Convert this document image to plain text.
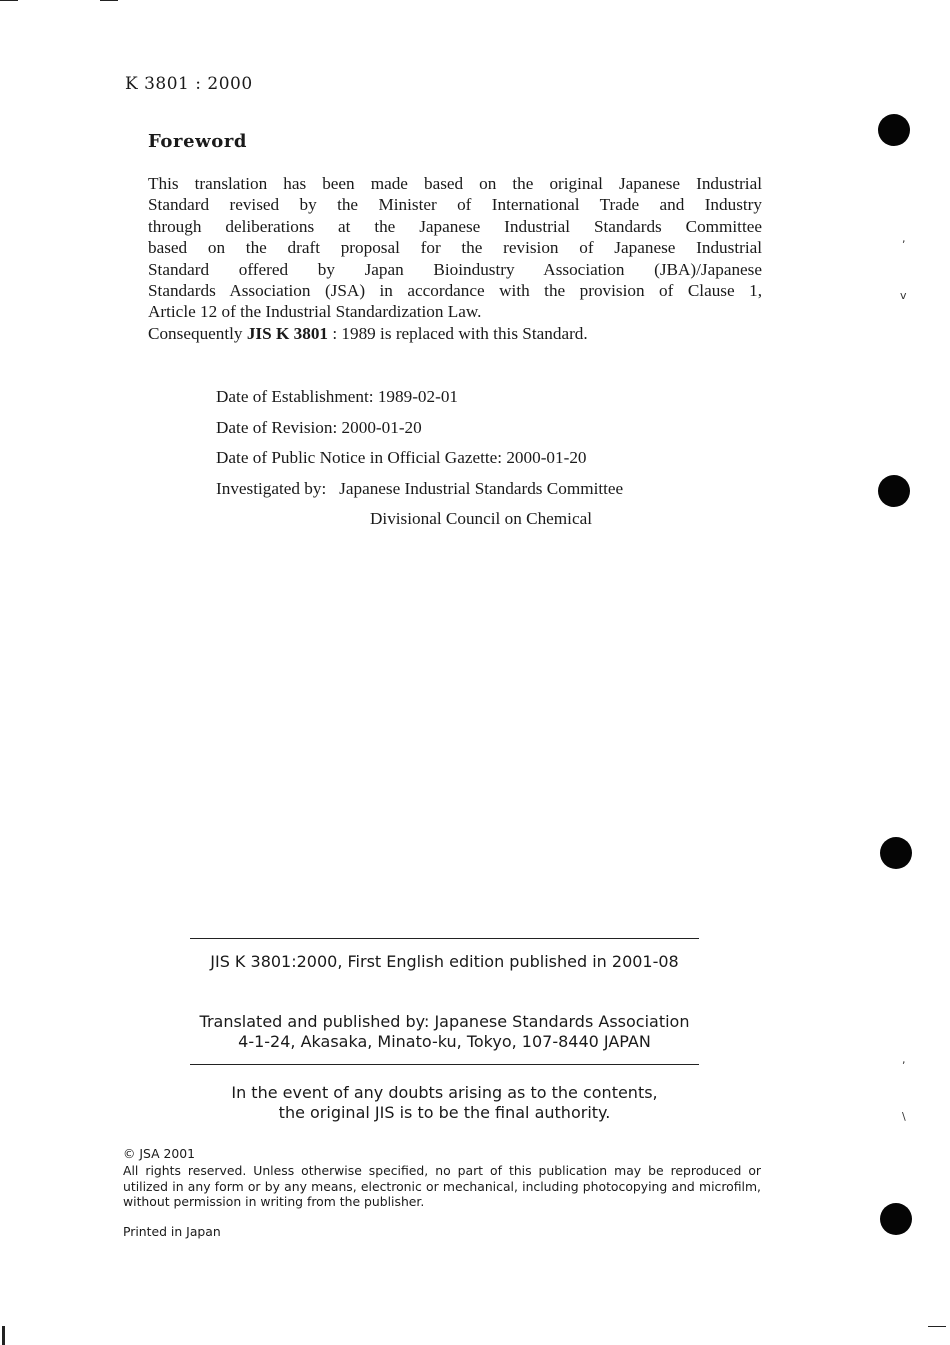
,
v
,
\
K 3801 : 2000
Foreword
This translation has been made based on the original Japanese Industrial
Standard revised by the Minister of International Trade and Industry
through deliberations at the Japanese Industrial Standards Committee
based on the draft proposal for the revision of Japanese Industrial
Standard offered by Japan Bioindustry Association (JBA)/Japanese
Standards Association (JSA) in accordance with the provision of Clause 1,
Article 12 of the Industrial Standardization Law.
Consequently JIS K 3801 : 1989 is replaced with this Standard.
Date of Establishment: 1989-02-01
Date of Revision: 2000-01-20
Date of Public Notice in Official Gazette: 2000-01-20
Investigated by: Japanese Industrial Standards Committee
Divisional Council on Chemical
JIS K 3801:2000, First English edition published in 2001-08
Translated and published by: Japanese Standards Association
4-1-24, Akasaka, Minato-ku, Tokyo, 107-8440 JAPAN
In the event of any doubts arising as to the contents,
the original JIS is to be the final authority.
© JSA 2001
All rights reserved. Unless otherwise specified, no part of this publication may be reproduced or utilized in any form or by any means, electronic or mechanical, including photocopying and microfilm, without permission in writing from the publisher.
Printed in Japan
